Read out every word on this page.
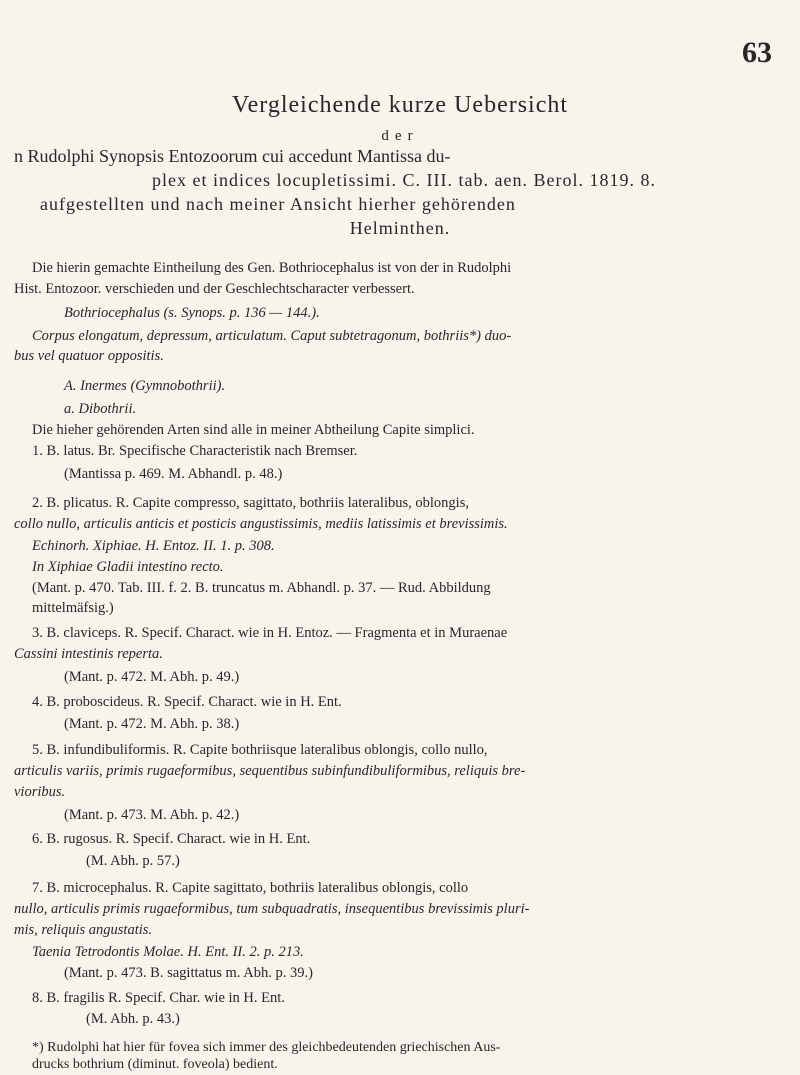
63
Vergleichende kurze Uebersicht
der
n Rudolphi Synopsis Entozoorum cui accedunt Mantissa du-
plex et indices locupletissimi. C. III. tab. aen. Berol. 1819. 8.
aufgestellten und nach meiner Ansicht hierher gehörenden
Helminthen.
Die hierin gemachte Eintheilung des Gen. Bothriocephalus ist von der in Rudolphi
Hist. Entozoor. verschieden und der Geschlechtscharacter verbessert.
Bothriocephalus (s. Synops. p. 136 — 144.).
Corpus elongatum, depressum, articulatum. Caput subtetragonum, bothriis*) duo-
bus vel quatuor oppositis.
A. Inermes (Gymnobothrii).
a. Dibothrii.
Die hieher gehörenden Arten sind alle in meiner Abtheilung Capite simplici.
1. B. latus. Br. Specifische Characteristik nach Bremser.
(Mantissa p. 469. M. Abhandl. p. 48.)
2. B. plicatus. R. Capite compresso, sagittato, bothriis lateralibus, oblongis,
collo nullo, articulis anticis et posticis angustissimis, mediis latissimis et brevissimis.
Echinorh. Xiphiae. H. Entoz. II. 1. p. 308.
In Xiphiae Gladii intestino recto.
(Mant. p. 470. Tab. III. f. 2. B. truncatus m. Abhandl. p. 37. — Rud. Abbildung
mittelmäfsig.)
3. B. claviceps. R. Specif. Charact. wie in H. Entoz. — Fragmenta et in Muraenae
Cassini intestinis reperta.
(Mant. p. 472. M. Abh. p. 49.)
4. B. proboscideus. R. Specif. Charact. wie in H. Ent.
(Mant. p. 472. M. Abh. p. 38.)
5. B. infundibuliformis. R. Capite bothriisque lateralibus oblongis, collo nullo,
articulis variis, primis rugaeformibus, sequentibus subinfundibuliformibus, reliquis bre-
vioribus.
(Mant. p. 473. M. Abh. p. 42.)
6. B. rugosus. R. Specif. Charact. wie in H. Ent.
(M. Abh. p. 57.)
7. B. microcephalus. R. Capite sagittato, bothriis lateralibus oblongis, collo
nullo, articulis primis rugaeformibus, tum subquadratis, insequentibus brevissimis pluri-
mis, reliquis angustatis.
Taenia Tetrodontis Molae. H. Ent. II. 2. p. 213.
(Mant. p. 473. B. sagittatus m. Abh. p. 39.)
8. B. fragilis R. Specif. Char. wie in H. Ent.
(M. Abh. p. 43.)
*) Rudolphi hat hier für fovea sich immer des gleichbedeutenden griechischen Aus-
drucks bothrium (diminut. foveola) bedient.
